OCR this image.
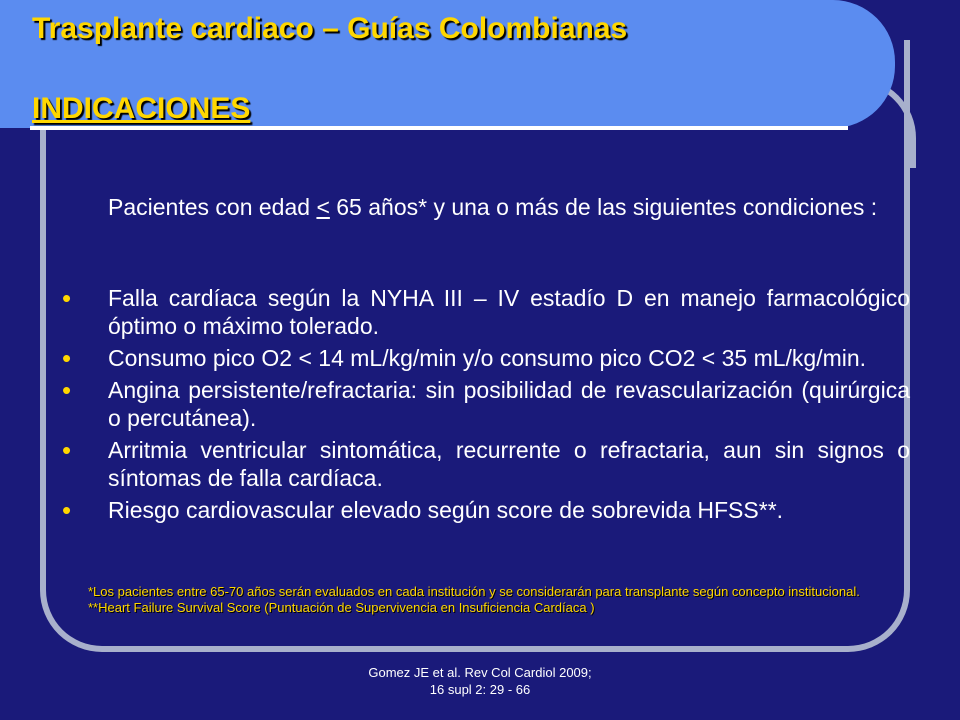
Trasplante cardiaco – Guías Colombianas
INDICACIONES
Pacientes con edad ≤ 65 años* y una o más de las siguientes condiciones :
• Falla cardíaca según la NYHA III – IV estadío D en manejo farmacológico óptimo o máximo tolerado.
• Consumo pico O2 < 14 mL/kg/min y/o consumo pico CO2 < 35 mL/kg/min.
• Angina persistente/refractaria: sin posibilidad de revascularización (quirúrgica o percutánea).
• Arritmia ventricular sintomática, recurrente o refractaria, aun sin signos o síntomas de falla cardíaca.
• Riesgo cardiovascular elevado según score de sobrevida HFSS**.
*Los pacientes entre 65-70 años serán evaluados en cada institución y se considerarán para transplante según concepto institucional.
**Heart Failure Survival Score (Puntuación de Supervivencia en Insuficiencia Cardíaca )
Gomez JE et al. Rev Col Cardiol 2009;
16 supl 2: 29 - 66
